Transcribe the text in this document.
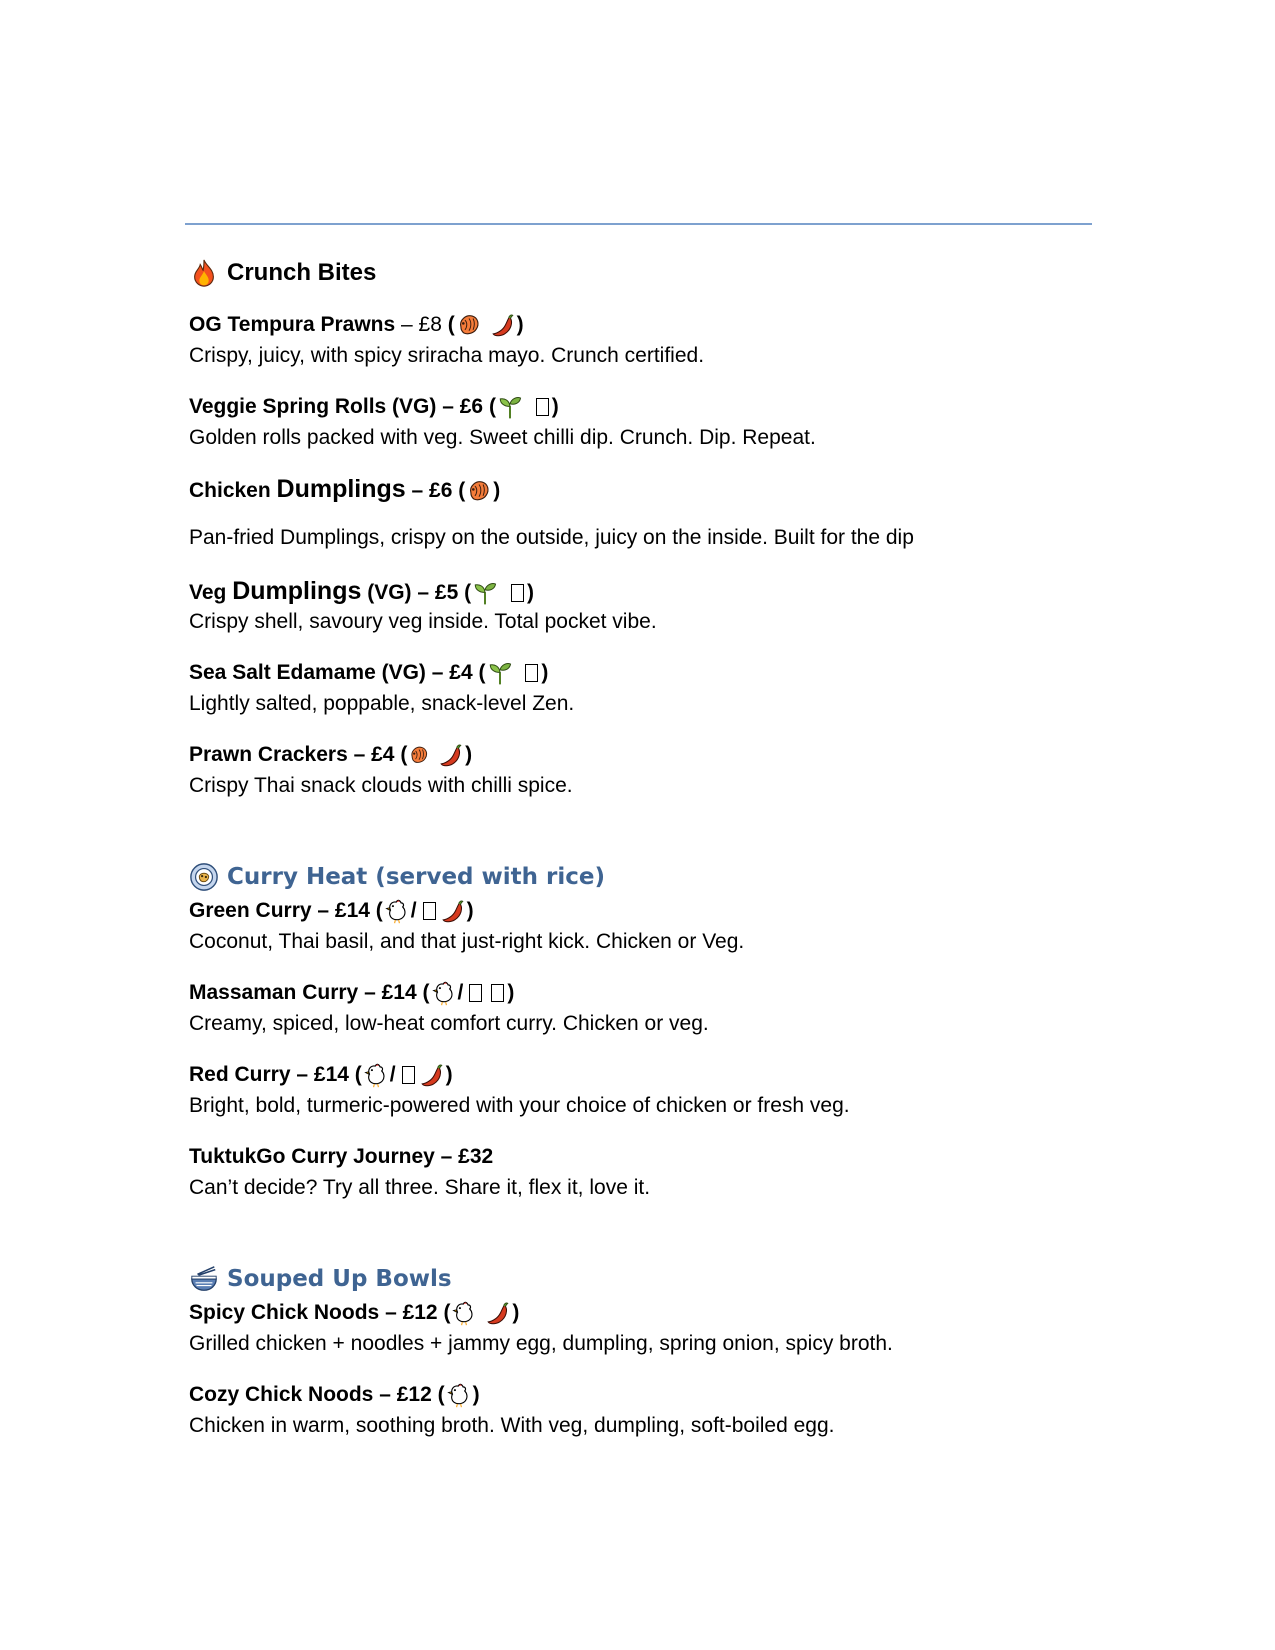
Crunch Bites
OG Tempura Prawns – £8 (	)
Crispy, juicy, with spicy sriracha mayo. Crunch certified.
Veggie Spring Rolls (VG) – £6 (	)
Golden rolls packed with veg. Sweet chilli dip. Crunch. Dip. Repeat.
Chicken Dumplings – £6 ( )
Pan-fried Dumplings, crispy on the outside, juicy on the inside. Built for the dip
Veg Dumplings (VG) – £5 (	)
Crispy shell, savoury veg inside. Total pocket vibe.
Sea Salt Edamame (VG) – £4 (	)
Lightly salted, poppable, snack-level Zen.
Prawn Crackers – £4 (	)
Crispy Thai snack clouds with chilli spice.
Curry Heat (served with rice)
Green Curry – £14 ( / )
Coconut, Thai basil, and that just-right kick. Chicken or Veg.
Massaman Curry – £14 ( / )
Creamy, spiced, low-heat comfort curry. Chicken or veg.
Red Curry – £14 ( / )
Bright, bold, turmeric-powered with your choice of chicken or fresh veg.
TuktukGo Curry Journey – £32
Can’t decide? Try all three. Share it, flex it, love it.
Souped Up Bowls
Spicy Chick Noods – £12 (	)
Grilled chicken + noodles + jammy egg, dumpling, spring onion, spicy broth.
Cozy Chick Noods – £12 ( )
Chicken in warm, soothing broth. With veg, dumpling, soft-boiled egg.
